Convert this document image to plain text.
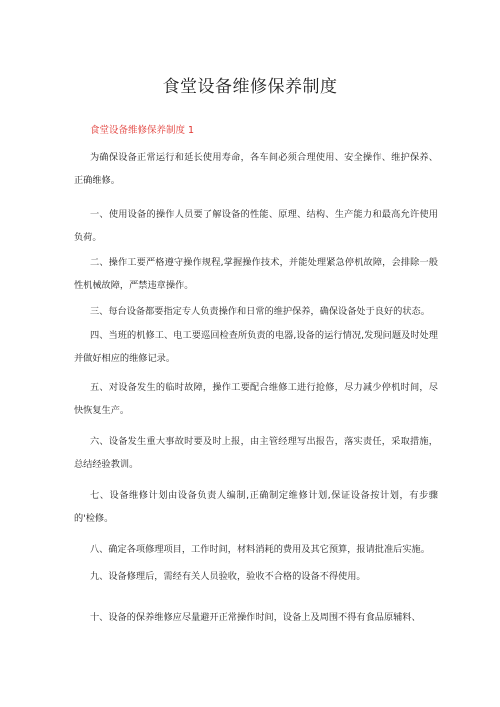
食堂设备维修保养制度
食堂设备维修保养制度 1

为确保设备正常运行和延长使用寿命，各车间必须合理使用、安全操作、维护保养、正确维修。

一、使用设备的操作人员要了解设备的性能、原理、结构、生产能力和最高允许使用负荷。

二、操作工要严格遵守操作规程,掌握操作技术，并能处理紧急停机故障，会排除一般性机械故障，严禁违章操作。

三、每台设备都要指定专人负责操作和日常的维护保养，确保设备处于良好的状态。

四、当班的机修工、电工要巡回检查所负责的电器,设备的运行情况,发现问题及时处理并做好相应的维修记录。

五、对设备发生的临时故障，操作工要配合维修工进行抢修，尽力减少停机时间，尽快恢复生产。

六、设备发生重大事故时要及时上报，由主管经理写出报告，落实责任，采取措施，总结经验教训。

七、设备维修计划由设备负责人编制,正确制定维修计划,保证设备按计划，有步骤的'检修。

八、确定各项修理项目，工作时间，材料消耗的费用及其它预算，报请批准后实施。

九、设备修理后，需经有关人员验收，验收不合格的设备不得使用。

十、设备的保养维修应尽量避开正常操作时间，设备上及周围不得有食品原辅料、
